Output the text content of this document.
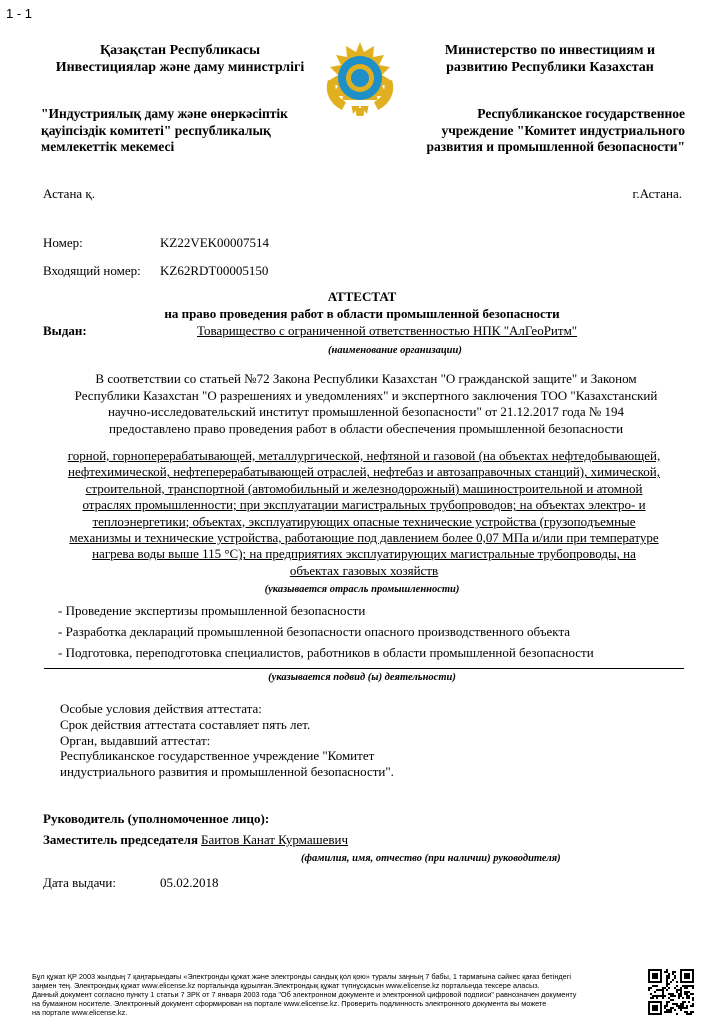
1 - 1
Қазақстан Республикасы
Инвестициялар және даму министрлігі
Министерство по инвестициям и
развитию Республики Казахстан
"Индустриялық даму және өнеркәсіптік
қауіпсіздік комитеті" республикалық
мемлекеттік мекемесі
Республиканское государственное
учреждение "Комитет индустриального
развития и промышленной безопасности"
Астана қ.	г.Астана.
Номер:	KZ22VEK00007514
Входящий номер: KZ62RDT00005150
АТТЕСТАТ
на право проведения работ в области промышленной безопасности
Выдан:	Товарищество с ограниченной ответственностью НПК "АлГеоРитм"
(наименование организации)
В соответствии со статьей №72 Закона Республики Казахстан "О гражданской защите" и Законом
Республики Казахстан "О разрешениях и уведомлениях" и экспертного заключения ТОО "Казахстанский
научно-исследовательский институт промышленной безопасности" от 21.12.2017 года № 194
предоставлено право проведения работ в области обеспечения промышленной безопасности
горной, горноперерабатывающей, металлургической, нефтяной и газовой (на объектах нефтедобывающей,
нефтехимической, нефтеперерабатывающей отраслей, нефтебаз и автозаправочных станций), химической,
строительной, транспортной (автомобильный и железнодорожный) машиностроительной и атомной
отраслях промышленности; при эксплуатации магистральных трубопроводов; на объектах электро- и
теплоэнергетики; объектах, эксплуатирующих опасные технические устройства (грузоподъемные
механизмы и технические устройства, работающие под давлением более 0,07 МПа и/или при температуре
нагрева воды выше 115 °С); на предприятиях эксплуатирующих магистральные трубопроводы, на
объектах газовых хозяйств
(указывается отрасль промышленности)
- Проведение экспертизы промышленной безопасности
- Разработка деклараций промышленной безопасности опасного производственного объекта
- Подготовка, переподготовка специалистов, работников в области промышленной безопасности
(указывается подвид (ы) деятельности)
Особые условия действия аттестата:
Срок действия аттестата составляет пять лет.
Орган, выдавший аттестат:
Республиканское государственное учреждение "Комитет
индустриального развития и промышленной безопасности".
Руководитель (уполномоченное лицо):
Заместитель председателя Баитов Канат Курмашевич
(фамилия, имя, отчество (при наличии) руководителя)
Дата выдачи:	05.02.2018
Бұл құжат ҚР 2003 жылдың 7 қаңтарындағы «Электронды құжат және электронды сандық қол қою» туралы заңның 7 бабы, 1 тармағына сәйкес қағаз бетіндегі
заңмен тең. Электрондық құжат www.elicense.kz порталында құрылған.Электрондық құжат түпнұсқасын www.elicense.kz порталында тексере аласыз.
Данный документ согласно пункту 1 статьи 7 ЗРК от 7 января 2003 года "Об электронном документе и электронной цифровой подписи" равнозначен документу
на бумажном носителе. Электронный документ сформирован на портале www.elicense.kz. Проверить подлинность электронного документа вы можете
на портале www.elicense.kz.
